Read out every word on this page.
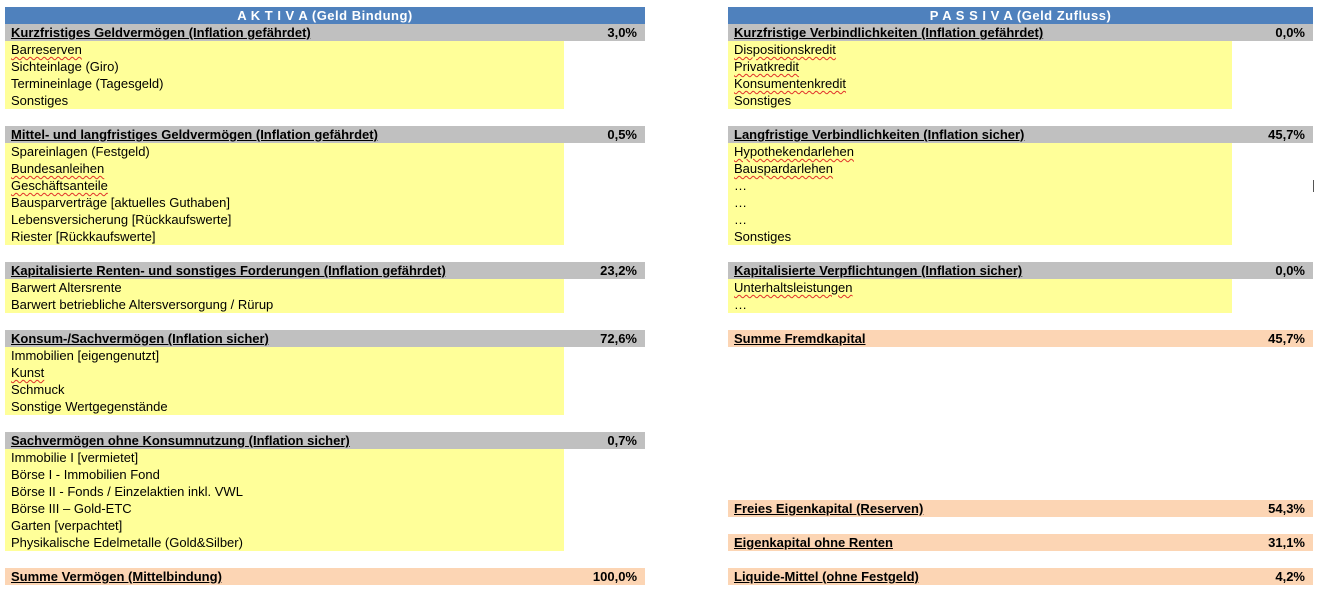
A K T I V A (Geld Bindung)
Kurzfristiges Geldvermögen (Inflation gefährdet)	3,0%
Barreserven
Sichteinlage (Giro)
Termineinlage (Tagesgeld)
Sonstiges
Mittel- und langfristiges Geldvermögen (Inflation gefährdet)	0,5%
Spareinlagen (Festgeld)
Bundesanleihen
Geschäftsanteile
Bausparverträge [aktuelles Guthaben]
Lebensversicherung [Rückkaufswerte]
Riester [Rückkaufswerte]
Kapitalisierte Renten- und sonstiges Forderungen (Inflation gefährdet)	23,2%
Barwert Altersrente
Barwert betriebliche Altersversorgung / Rürup
Konsum-/Sachvermögen (Inflation sicher)	72,6%
Immobilien [eigengenutzt]
Kunst
Schmuck
Sonstige Wertgegenstände
Sachvermögen ohne Konsumnutzung (Inflation sicher)	0,7%
Immobilie I [vermietet]
Börse I - Immobilien Fond
Börse II - Fonds / Einzelaktien inkl. VWL
Börse III – Gold-ETC
Garten [verpachtet]
Physikalische Edelmetalle (Gold&Silber)
Summe Vermögen (Mittelbindung)	100,0%
P A S S I V A (Geld Zufluss)
Kurzfristige Verbindlichkeiten (Inflation gefährdet)	0,0%
Dispositionskredit
Privatkredit
Konsumentenkredit
Sonstiges
Langfristige Verbindlichkeiten (Inflation sicher)	45,7%
Hypothekendarlehen
Bauspardarlehen
…
…
…
Sonstiges
Kapitalisierte Verpflichtungen (Inflation sicher)	0,0%
Unterhaltsleistungen
…
Summe Fremdkapital	45,7%
Freies Eigenkapital (Reserven)	54,3%
Eigenkapital ohne Renten	31,1%
Liquide-Mittel (ohne Festgeld)	4,2%
